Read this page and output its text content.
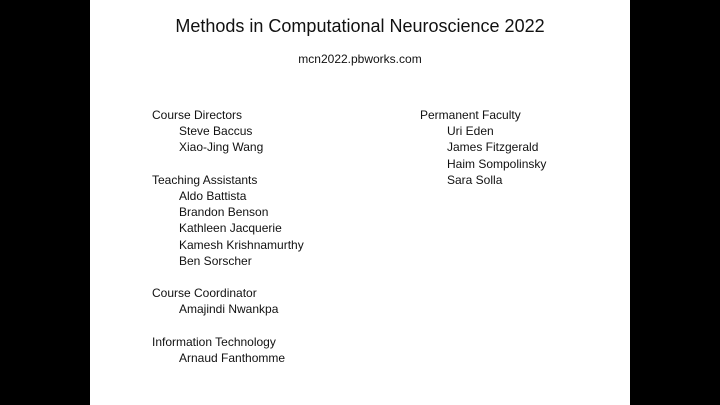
Methods in Computational Neuroscience 2022
mcn2022.pbworks.com
Course Directors
Steve Baccus
Xiao-Jing Wang
Teaching Assistants
Aldo Battista
Brandon Benson
Kathleen Jacquerie
Kamesh Krishnamurthy
Ben Sorscher
Course Coordinator
Amajindi Nwankpa
Information Technology
Arnaud Fanthomme
Permanent Faculty
Uri Eden
James Fitzgerald
Haim Sompolinsky
Sara Solla
